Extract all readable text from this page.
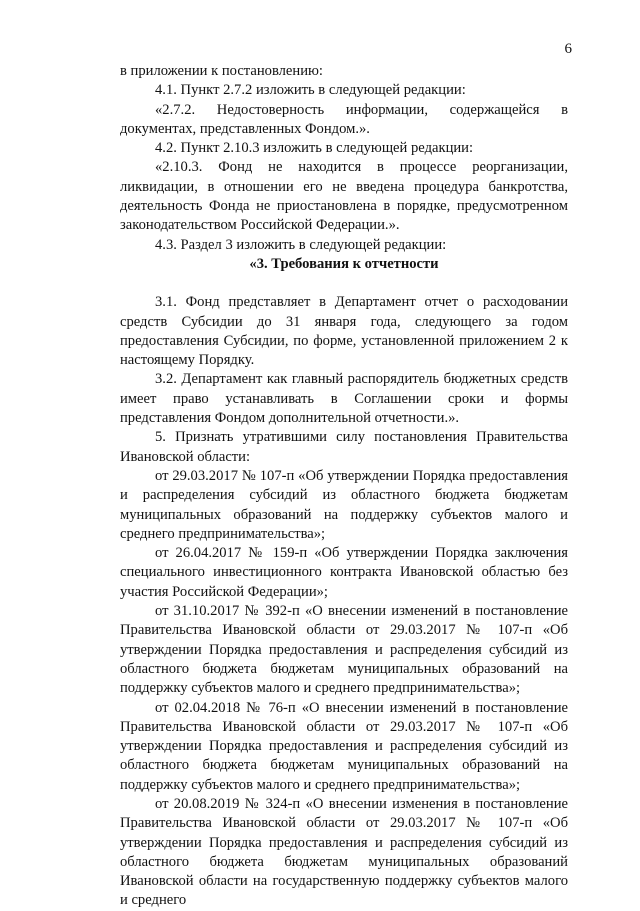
6

в приложении к постановлению:

4.1. Пункт 2.7.2 изложить в следующей редакции:

«2.7.2. Недостоверность информации, содержащейся в документах, представленных Фондом.».

4.2. Пункт 2.10.3 изложить в следующей редакции:

«2.10.3. Фонд не находится в процессе реорганизации, ликвидации, в отношении его не введена процедура банкротства, деятельность Фонда не приостановлена в порядке, предусмотренном законодательством Российской Федерации.».

4.3. Раздел 3 изложить в следующей редакции:

«3. Требования к отчетности

3.1. Фонд представляет в Департамент отчет о расходовании средств Субсидии до 31 января года, следующего за годом предоставления Субсидии, по форме, установленной приложением 2 к настоящему Порядку.

3.2. Департамент как главный распорядитель бюджетных средств имеет право устанавливать в Соглашении сроки и формы представления Фондом дополнительной отчетности.».

5. Признать утратившими силу постановления Правительства Ивановской области:

от 29.03.2017 № 107-п «Об утверждении Порядка предоставления и распределения субсидий из областного бюджета бюджетам муниципальных образований на поддержку субъектов малого и среднего предпринимательства»;

от 26.04.2017 № 159-п «Об утверждении Порядка заключения специального инвестиционного контракта Ивановской областью без участия Российской Федерации»;

от 31.10.2017 № 392-п «О внесении изменений в постановление Правительства Ивановской области от 29.03.2017 № 107-п «Об утверждении Порядка предоставления и распределения субсидий из областного бюджета бюджетам муниципальных образований на поддержку субъектов малого и среднего предпринимательства»;

от 02.04.2018 № 76-п «О внесении изменений в постановление Правительства Ивановской области от 29.03.2017 № 107-п «Об утверждении Порядка предоставления и распределения субсидий из областного бюджета бюджетам муниципальных образований на поддержку субъектов малого и среднего предпринимательства»;

от 20.08.2019 № 324-п «О внесении изменения в постановление Правительства Ивановской области от 29.03.2017 № 107-п «Об утверждении Порядка предоставления и распределения субсидий из областного бюджета бюджетам муниципальных образований Ивановской области на государственную поддержку субъектов малого и среднего
